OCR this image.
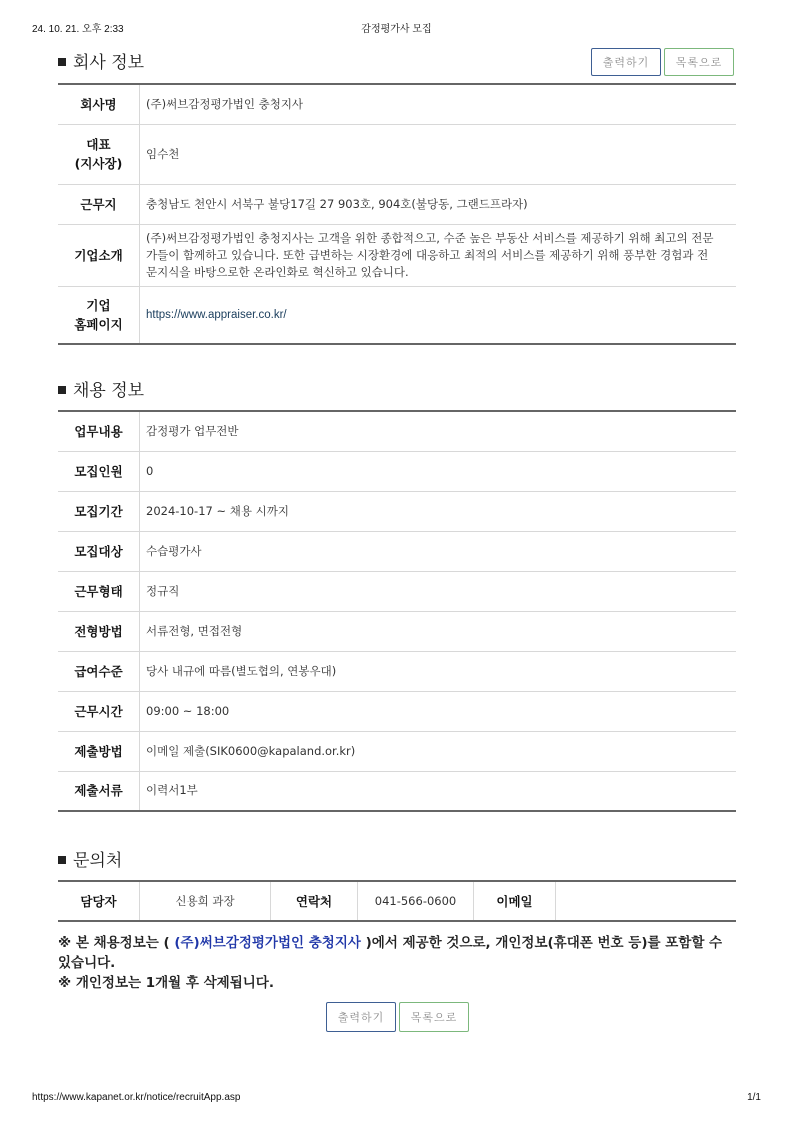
24. 10. 21. 오후 2:33	감정평가사 모집
회사 정보	출력하기	목록으로
회사명	(주)써브감정평가법인 충청지사
대표
(지사장)	임수천
근무지	충청남도 천안시 서북구 불당17길 27 903호, 904호(불당동, 그랜드프라자)
기업소개	(주)써브감정평가법인 충청지사는 고객을 위한 종합적으고, 수준 높은 부동산 서비스를 제공하기 위해 최고의 전문가들이 함께하고 있습니다. 또한 급변하는 시장환경에 대응하고 최적의 서비스를 제공하기 위해 풍부한 경험과 전문지식을 바탕으로한 온라인화로 혁신하고 있습니다.
기업
홈페이지	https://www.appraiser.co.kr/
채용 정보
업무내용	감정평가 업무전반
모집인원	0
모집기간	2024-10-17 ~ 채용 시까지
모집대상	수습평가사
근무형태	정규직
전형방법	서류전형, 면접전형
급여수준	당사 내규에 따름(별도협의, 연봉우대)
근무시간	09:00 ~ 18:00
제출방법	이메일 제출(SIK0600@kapaland.or.kr)
제출서류	이력서1부
문의처
담당자	신용희 과장	연락처	041-566-0600	이메일	
※ 본 채용정보는 ( (주)써브감정평가법인 충청지사 )에서 제공한 것으로, 개인정보(휴대폰 번호 등)를 포함할 수 있습니다.
※ 개인정보는 1개월 후 삭제됩니다.
출력하기	목록으로
https://www.kapanet.or.kr/notice/recruitApp.asp	1/1
